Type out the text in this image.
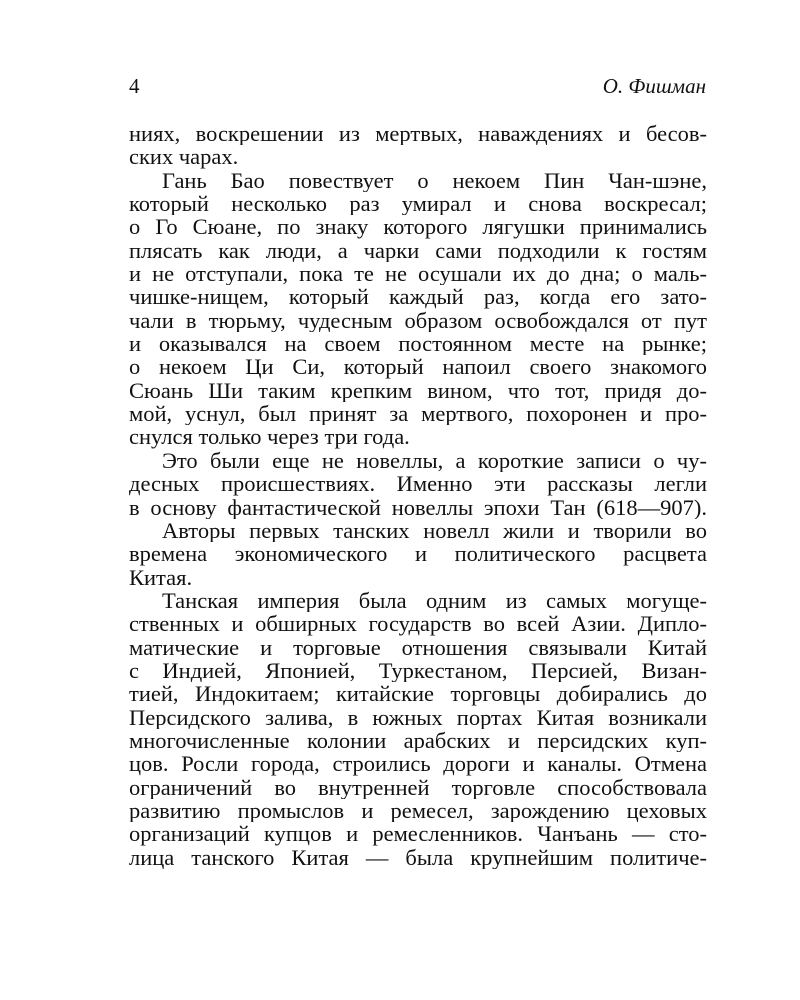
4	О. Фишман
ниях, воскрешении из мертвых, наваждениях и бесов-
ских чарах.
Гань Бао повествует о некоем Пин Чан-шэне,
который несколько раз умирал и снова воскресал;
о Го Сюане, по знаку которого лягушки принимались
плясать как люди, а чарки сами подходили к гостям
и не отступали, пока те не осушали их до дна; о маль-
чишке-нищем, который каждый раз, когда его зато-
чали в тюрьму, чудесным образом освобождался от пут
и оказывался на своем постоянном месте на рынке;
о некоем Ци Си, который напоил своего знакомого
Сюань Ши таким крепким вином, что тот, придя до-
мой, уснул, был принят за мертвого, похоронен и про-
снулся только через три года.
Это были еще не новеллы, а короткие записи о чу-
десных происшествиях. Именно эти рассказы легли
в основу фантастической новеллы эпохи Тан (618—907).
Авторы первых танских новелл жили и творили во
времена экономического и политического расцвета
Китая.
Танская империя была одним из самых могуще-
ственных и обширных государств во всей Азии. Дипло-
матические и торговые отношения связывали Китай
с Индией, Японией, Туркестаном, Персией, Визан-
тией, Индокитаем; китайские торговцы добирались до
Персидского залива, в южных портах Китая возникали
многочисленные колонии арабских и персидских куп-
цов. Росли города, строились дороги и каналы. Отмена
ограничений во внутренней торговле способствовала
развитию промыслов и ремесел, зарождению цеховых
организаций купцов и ремесленников. Чанъань — сто-
лица танского Китая — была крупнейшим политиче-
